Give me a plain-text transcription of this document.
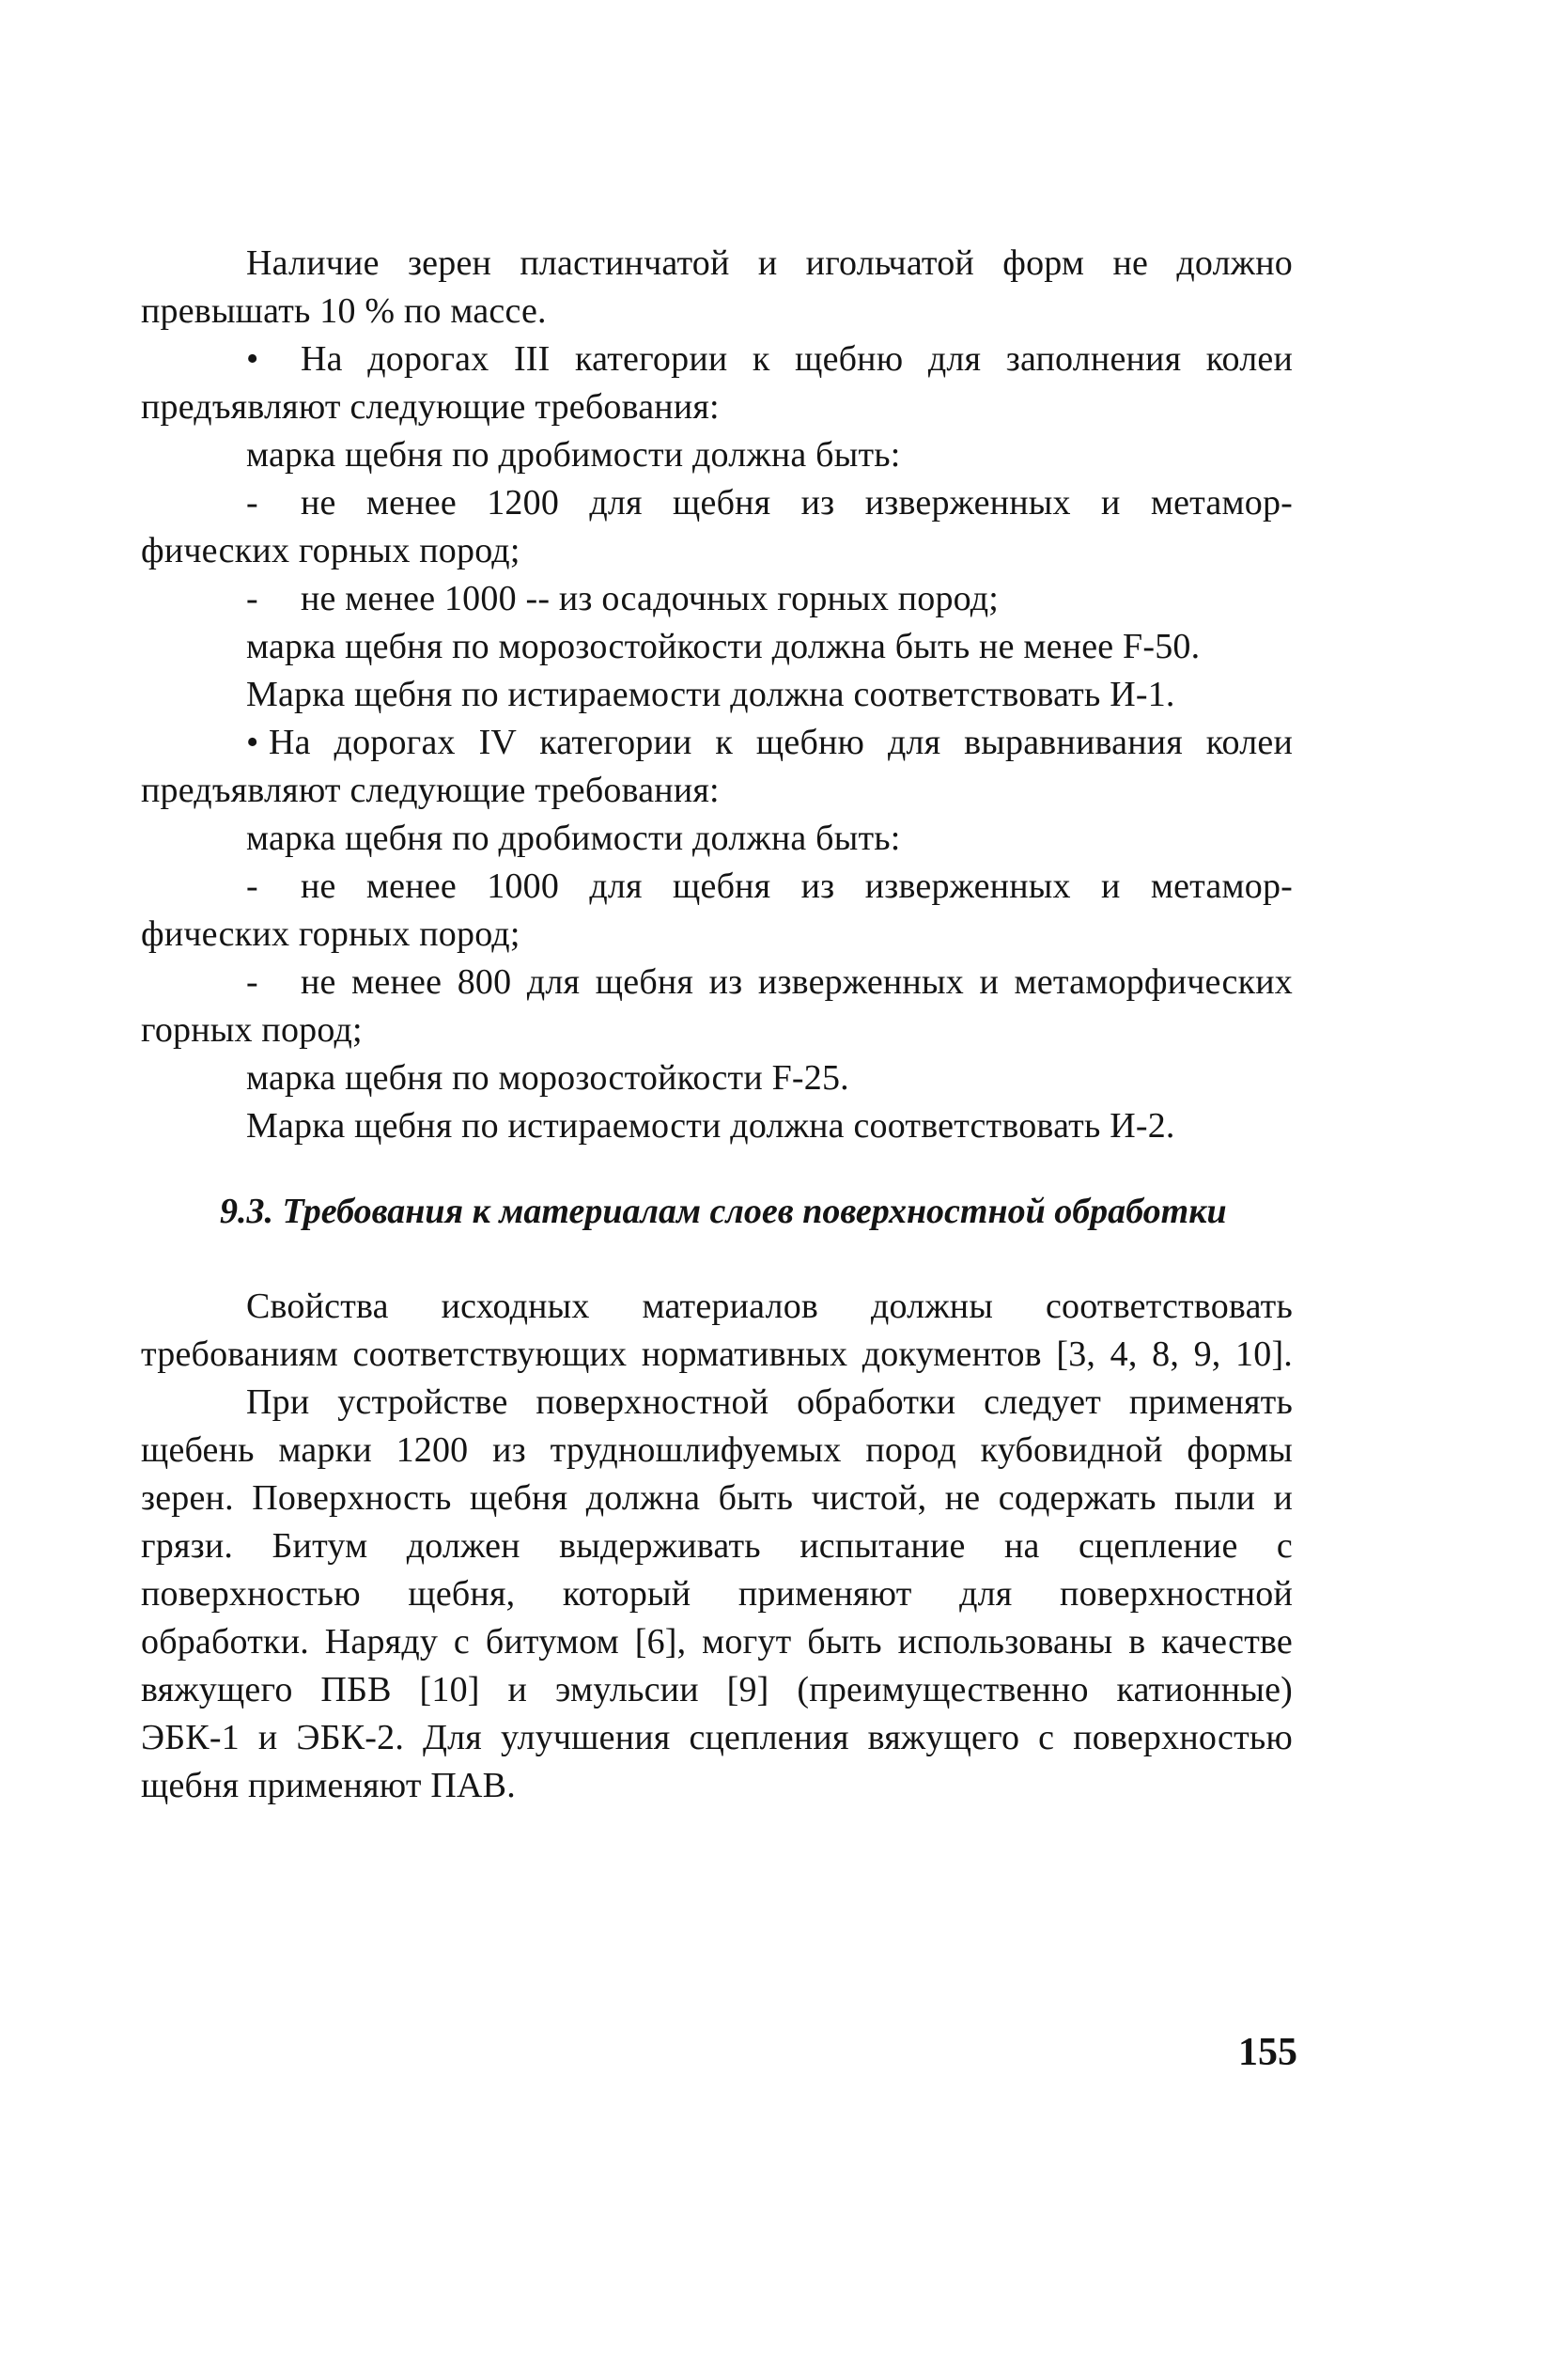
Наличие зерен пластинчатой и игольчатой форм не должно
превышать 10 % по массе.
•	На дорогах III категории к щебню для заполнения колеи
предъявляют следующие требования:
марка щебня по дробимости должна быть:
-	не менее 1200 для щебня из изверженных и метамор-
фических горных пород;
-	не менее 1000 -- из осадочных горных пород;
марка щебня по морозостойкости должна быть не менее F-50.
Марка щебня по истираемости должна соответствовать И-1.
• На дорогах IV категории к щебню для выравнивания колеи
предъявляют следующие требования:
марка щебня по дробимости должна быть:
-	не менее 1000 для щебня из изверженных и метамор-
фических горных пород;
-	не менее 800 для щебня из изверженных и метаморфических
горных пород;
марка щебня по морозостойкости F-25.
Марка щебня по истираемости должна соответствовать И-2.
9.3. Требования к материалам слоев поверхностной обработки
Свойства исходных материалов должны соответствовать
требованиям соответствующих нормативных документов [3, 4, 8, 9, 10].
При устройстве поверхностной обработки следует применять
щебень марки 1200 из трудношлифуемых пород кубовидной формы
зерен. Поверхность щебня должна быть чистой, не содержать пыли и
грязи. Битум должен выдерживать испытание на сцепление с
поверхностью щебня, который применяют для поверхностной
обработки. Наряду с битумом [6], могут быть использованы в качестве
вяжущего ПБВ [10] и эмульсии [9] (преимущественно катионные)
ЭБК-1 и ЭБК-2. Для улучшения сцепления вяжущего с поверхностью
щебня применяют ПАВ.
155
